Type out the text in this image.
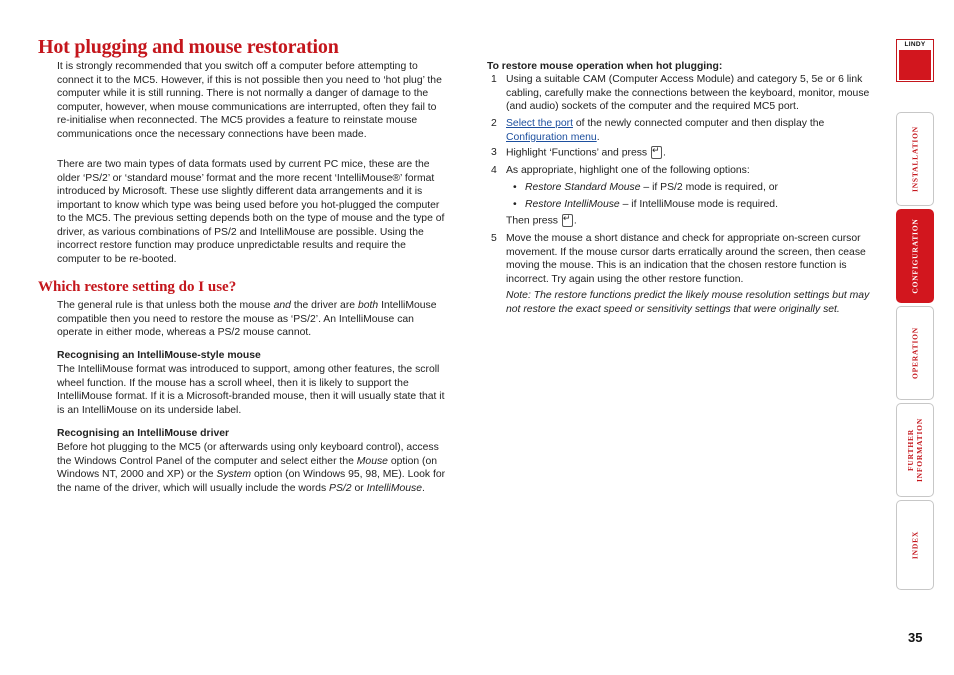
Hot plugging and mouse restoration

It is strongly recommended that you switch off a computer before attempting to connect it to the MC5. However, if this is not possible then you need to ‘hot plug’ the computer while it is still running. There is not normally a danger of damage to the computer, however, when mouse communications are interrupted, often they fail to re-initialise when reconnected. The MC5 provides a feature to reinstate mouse communications once the necessary connections have been made.

There are two main types of data formats used by current PC mice, these are the older ‘PS/2’ or ‘standard mouse’ format and the more recent ‘IntelliMouse®’ format introduced by Microsoft. These use slightly different data arrangements and it is important to know which type was being used before you hot-plugged the computer to the MC5. The previous setting depends both on the type of mouse and the type of driver, as various combinations of PS/2 and IntelliMouse are possible. Using the incorrect restore function may produce unpredictable results and require the computer to be re-booted.

Which restore setting do I use?

The general rule is that unless both the mouse and the driver are both IntelliMouse compatible then you need to restore the mouse as ‘PS/2’. An IntelliMouse can operate in either mode, whereas a PS/2 mouse cannot.

Recognising an IntelliMouse-style mouse

The IntelliMouse format was introduced to support, among other features, the scroll wheel function. If the mouse has a scroll wheel, then it is likely to support the IntelliMouse format. If it is a Microsoft-branded mouse, then it will usually state that it is an IntelliMouse on its underside label.

Recognising an IntelliMouse driver

Before hot plugging to the MC5 (or afterwards using only keyboard control), access the Windows Control Panel of the computer and select either the Mouse option (on Windows NT, 2000 and XP) or the System option (on Windows 95, 98, ME). Look for the name of the driver, which will usually include the words PS/2 or IntelliMouse.

To restore mouse operation when hot plugging:

1 Using a suitable CAM (Computer Access Module) and category 5, 5e or 6 link cabling, carefully make the connections between the keyboard, monitor, mouse (and audio) sockets of the computer and the required MC5 port.
2 Select the port of the newly connected computer and then display the Configuration menu.
3 Highlight ‘Functions’ and press ↵.
4 As appropriate, highlight one of the following options:
• Restore Standard Mouse – if PS/2 mode is required, or
• Restore IntelliMouse – if IntelliMouse mode is required.

Then press ↵.

5 Move the mouse a short distance and check for appropriate on-screen cursor movement. If the mouse cursor darts erratically around the screen, then cease moving the mouse. This is an indication that the chosen restore function is incorrect. Try again using the other restore function.

Note: The restore functions predict the likely mouse resolution settings but may not restore the exact speed or sensitivity settings that were originally set.

LINDY
INSTALLATION
CONFIGURATION
OPERATION
FURTHER
INFORMATION
INDEX
35
